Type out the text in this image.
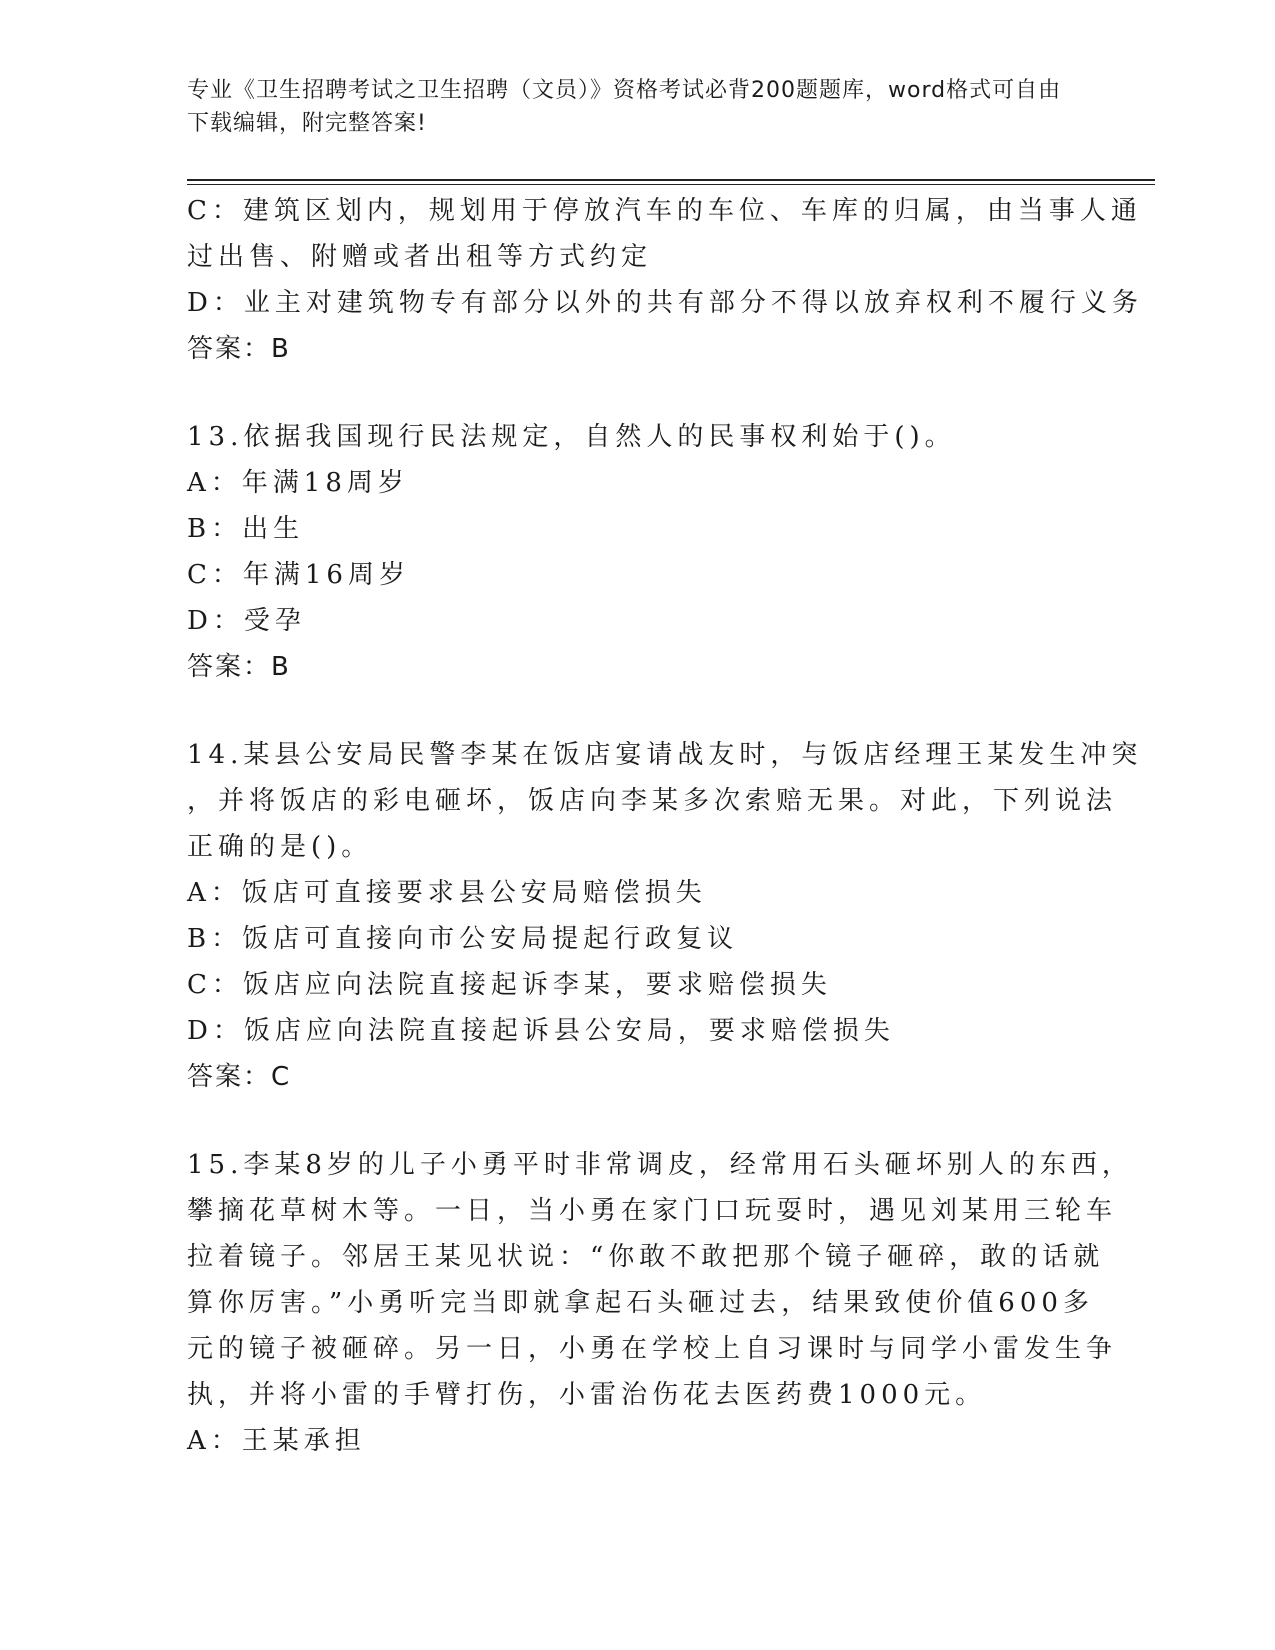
专业《卫生招聘考试之卫生招聘（文员）》资格考试必背200题题库，word格式可自由下载编辑，附完整答案!
C：建筑区划内，规划用于停放汽车的车位、车库的归属，由当事人通
过出售、附赠或者出租等方式约定
D：业主对建筑物专有部分以外的共有部分不得以放弃权利不履行义务
答案：B
13.依据我国现行民法规定，自然人的民事权利始于()。
A：年满18周岁
B：出生
C：年满16周岁
D：受孕
答案：B
14.某县公安局民警李某在饭店宴请战友时，与饭店经理王某发生冲突
，并将饭店的彩电砸坏，饭店向李某多次索赔无果。对此，下列说法
正确的是()。
A：饭店可直接要求县公安局赔偿损失
B：饭店可直接向市公安局提起行政复议
C：饭店应向法院直接起诉李某，要求赔偿损失
D：饭店应向法院直接起诉县公安局，要求赔偿损失
答案：C
15.李某8岁的儿子小勇平时非常调皮，经常用石头砸坏别人的东西，
攀摘花草树木等。一日，当小勇在家门口玩耍时，遇见刘某用三轮车
拉着镜子。邻居王某见状说：“你敢不敢把那个镜子砸碎，敢的话就
算你厉害。”小勇听完当即就拿起石头砸过去，结果致使价值600多
元的镜子被砸碎。另一日，小勇在学校上自习课时与同学小雷发生争
执，并将小雷的手臂打伤，小雷治伤花去医药费1000元。
A：王某承担
